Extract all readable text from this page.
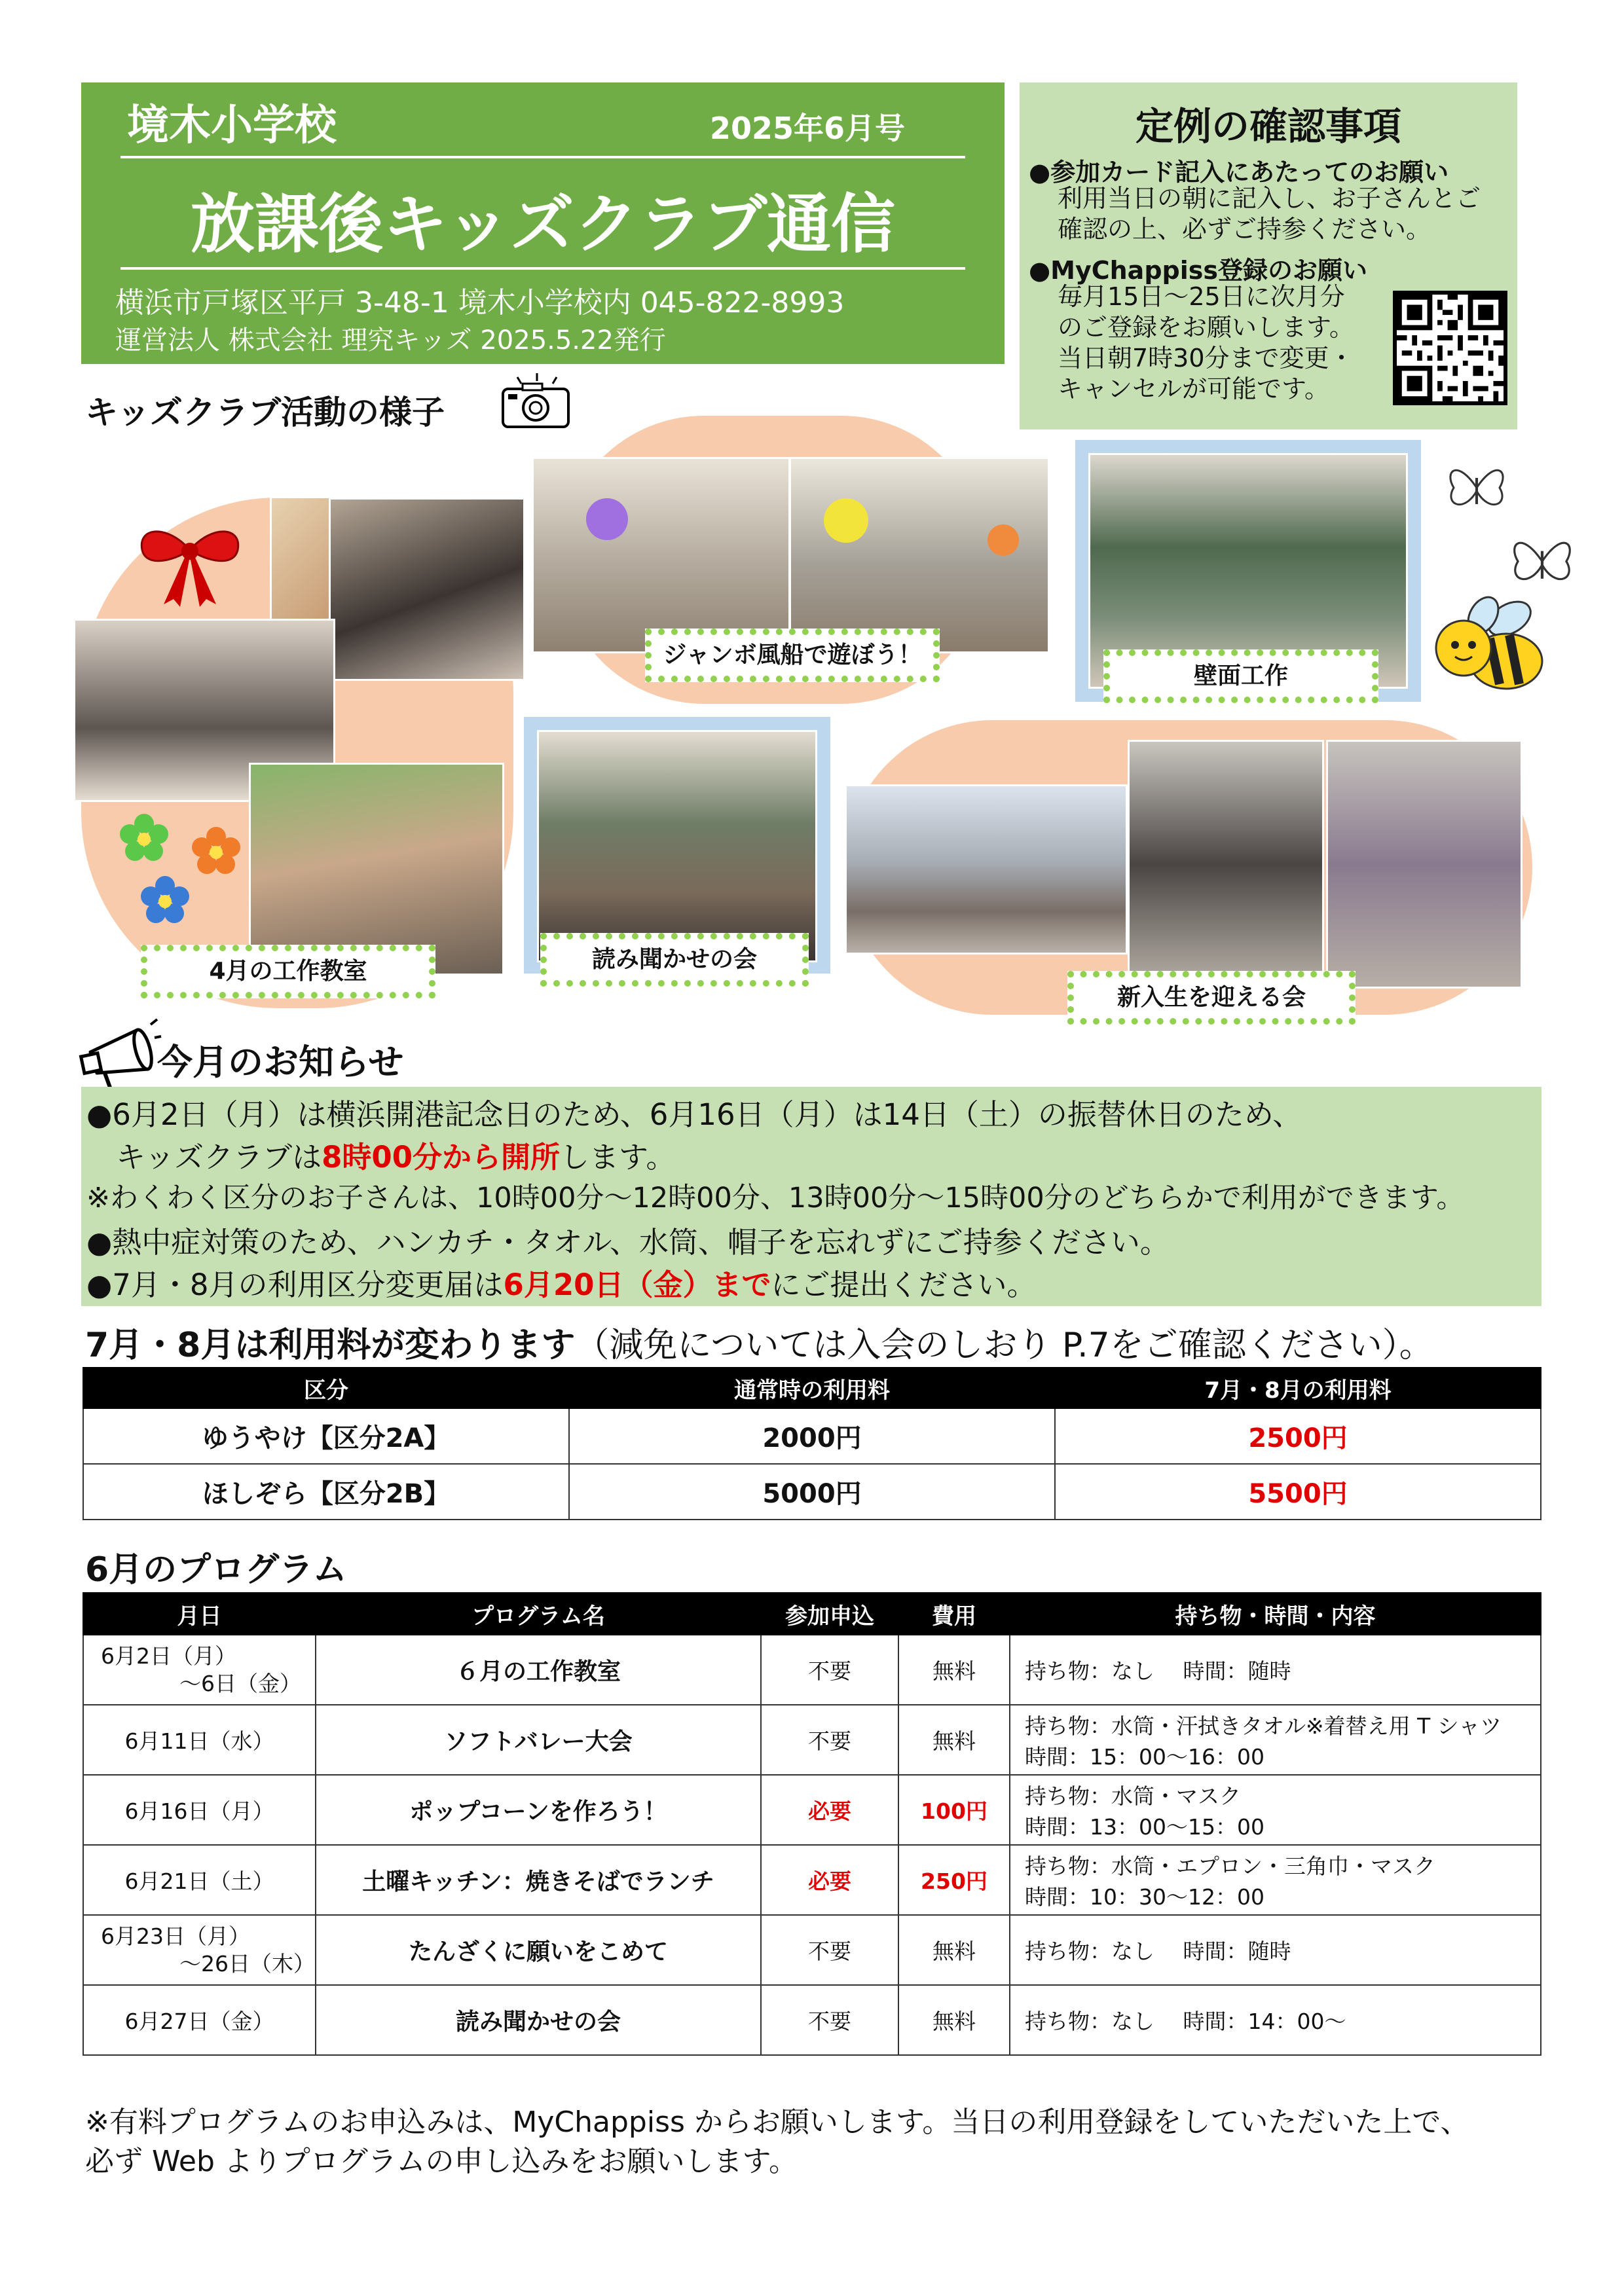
境木小学校	2025年6月号
放課後キッズクラブ通信
横浜市戸塚区平戸 3-48-1 境木小学校内 045-822-8993
運営法人 株式会社 理究キッズ 2025.5.22発行
定例の確認事項
●参加カード記入にあたってのお願い
利用当日の朝に記入し、お子さんとご
確認の上、必ずご持参ください。
●MyChappiss登録のお願い
毎月15日～25日に次月分
のご登録をお願いします。
当日朝7時30分まで変更・
キャンセルが可能です。
キッズクラブ活動の様子
ジャンボ風船で遊ぼう！
壁面工作
4月の工作教室	読み聞かせの会
新入生を迎える会
今月のお知らせ
●6月2日（月）は横浜開港記念日のため、6月16日（月）は14日（土）の振替休日のため、
　キッズクラブは8時00分から開所します。
※わくわく区分のお子さんは、10時00分～12時00分、13時00分～15時00分のどちらかで利用ができます。
●熱中症対策のため、ハンカチ・タオル、水筒、帽子を忘れずにご持参ください。
●7月・8月の利用区分変更届は6月20日（金）までにご提出ください。
7月・8月は利用料が変わります（減免については入会のしおり P.7をご確認ください）。
区分	通常時の利用料	7月・8月の利用料
ゆうやけ【区分2A】	2000円	2500円
ほしぞら【区分2B】	5000円	5500円
6月のプログラム
月日	プログラム名	参加申込	費用	持ち物・時間・内容
6月2日（月）
～6日（金）	６月の工作教室	不要	無料	持ち物：なし　 時間：随時

6月11日（水）	ソフトバレー大会	不要	無料	持ち物：水筒・汗拭きタオル※着替え用 T シャツ
時間：15：00～16：00

6月16日（月）	ポップコーンを作ろう！	必要	100円	持ち物：水筒・マスク
時間：13：00～15：00

6月21日（土）	土曜キッチン：焼きそばでランチ	必要	250円	持ち物：水筒・エプロン・三角巾・マスク
時間：10：30～12：00

6月23日（月）
～26日（木）	たんざくに願いをこめて	不要	無料	持ち物：なし　 時間：随時

6月27日（金）	読み聞かせの会	不要	無料	持ち物：なし　 時間：14：00～
※有料プログラムのお申込みは、MyChappiss からお願いします。当日の利用登録をしていただいた上で、
必ず Web よりプログラムの申し込みをお願いします。
